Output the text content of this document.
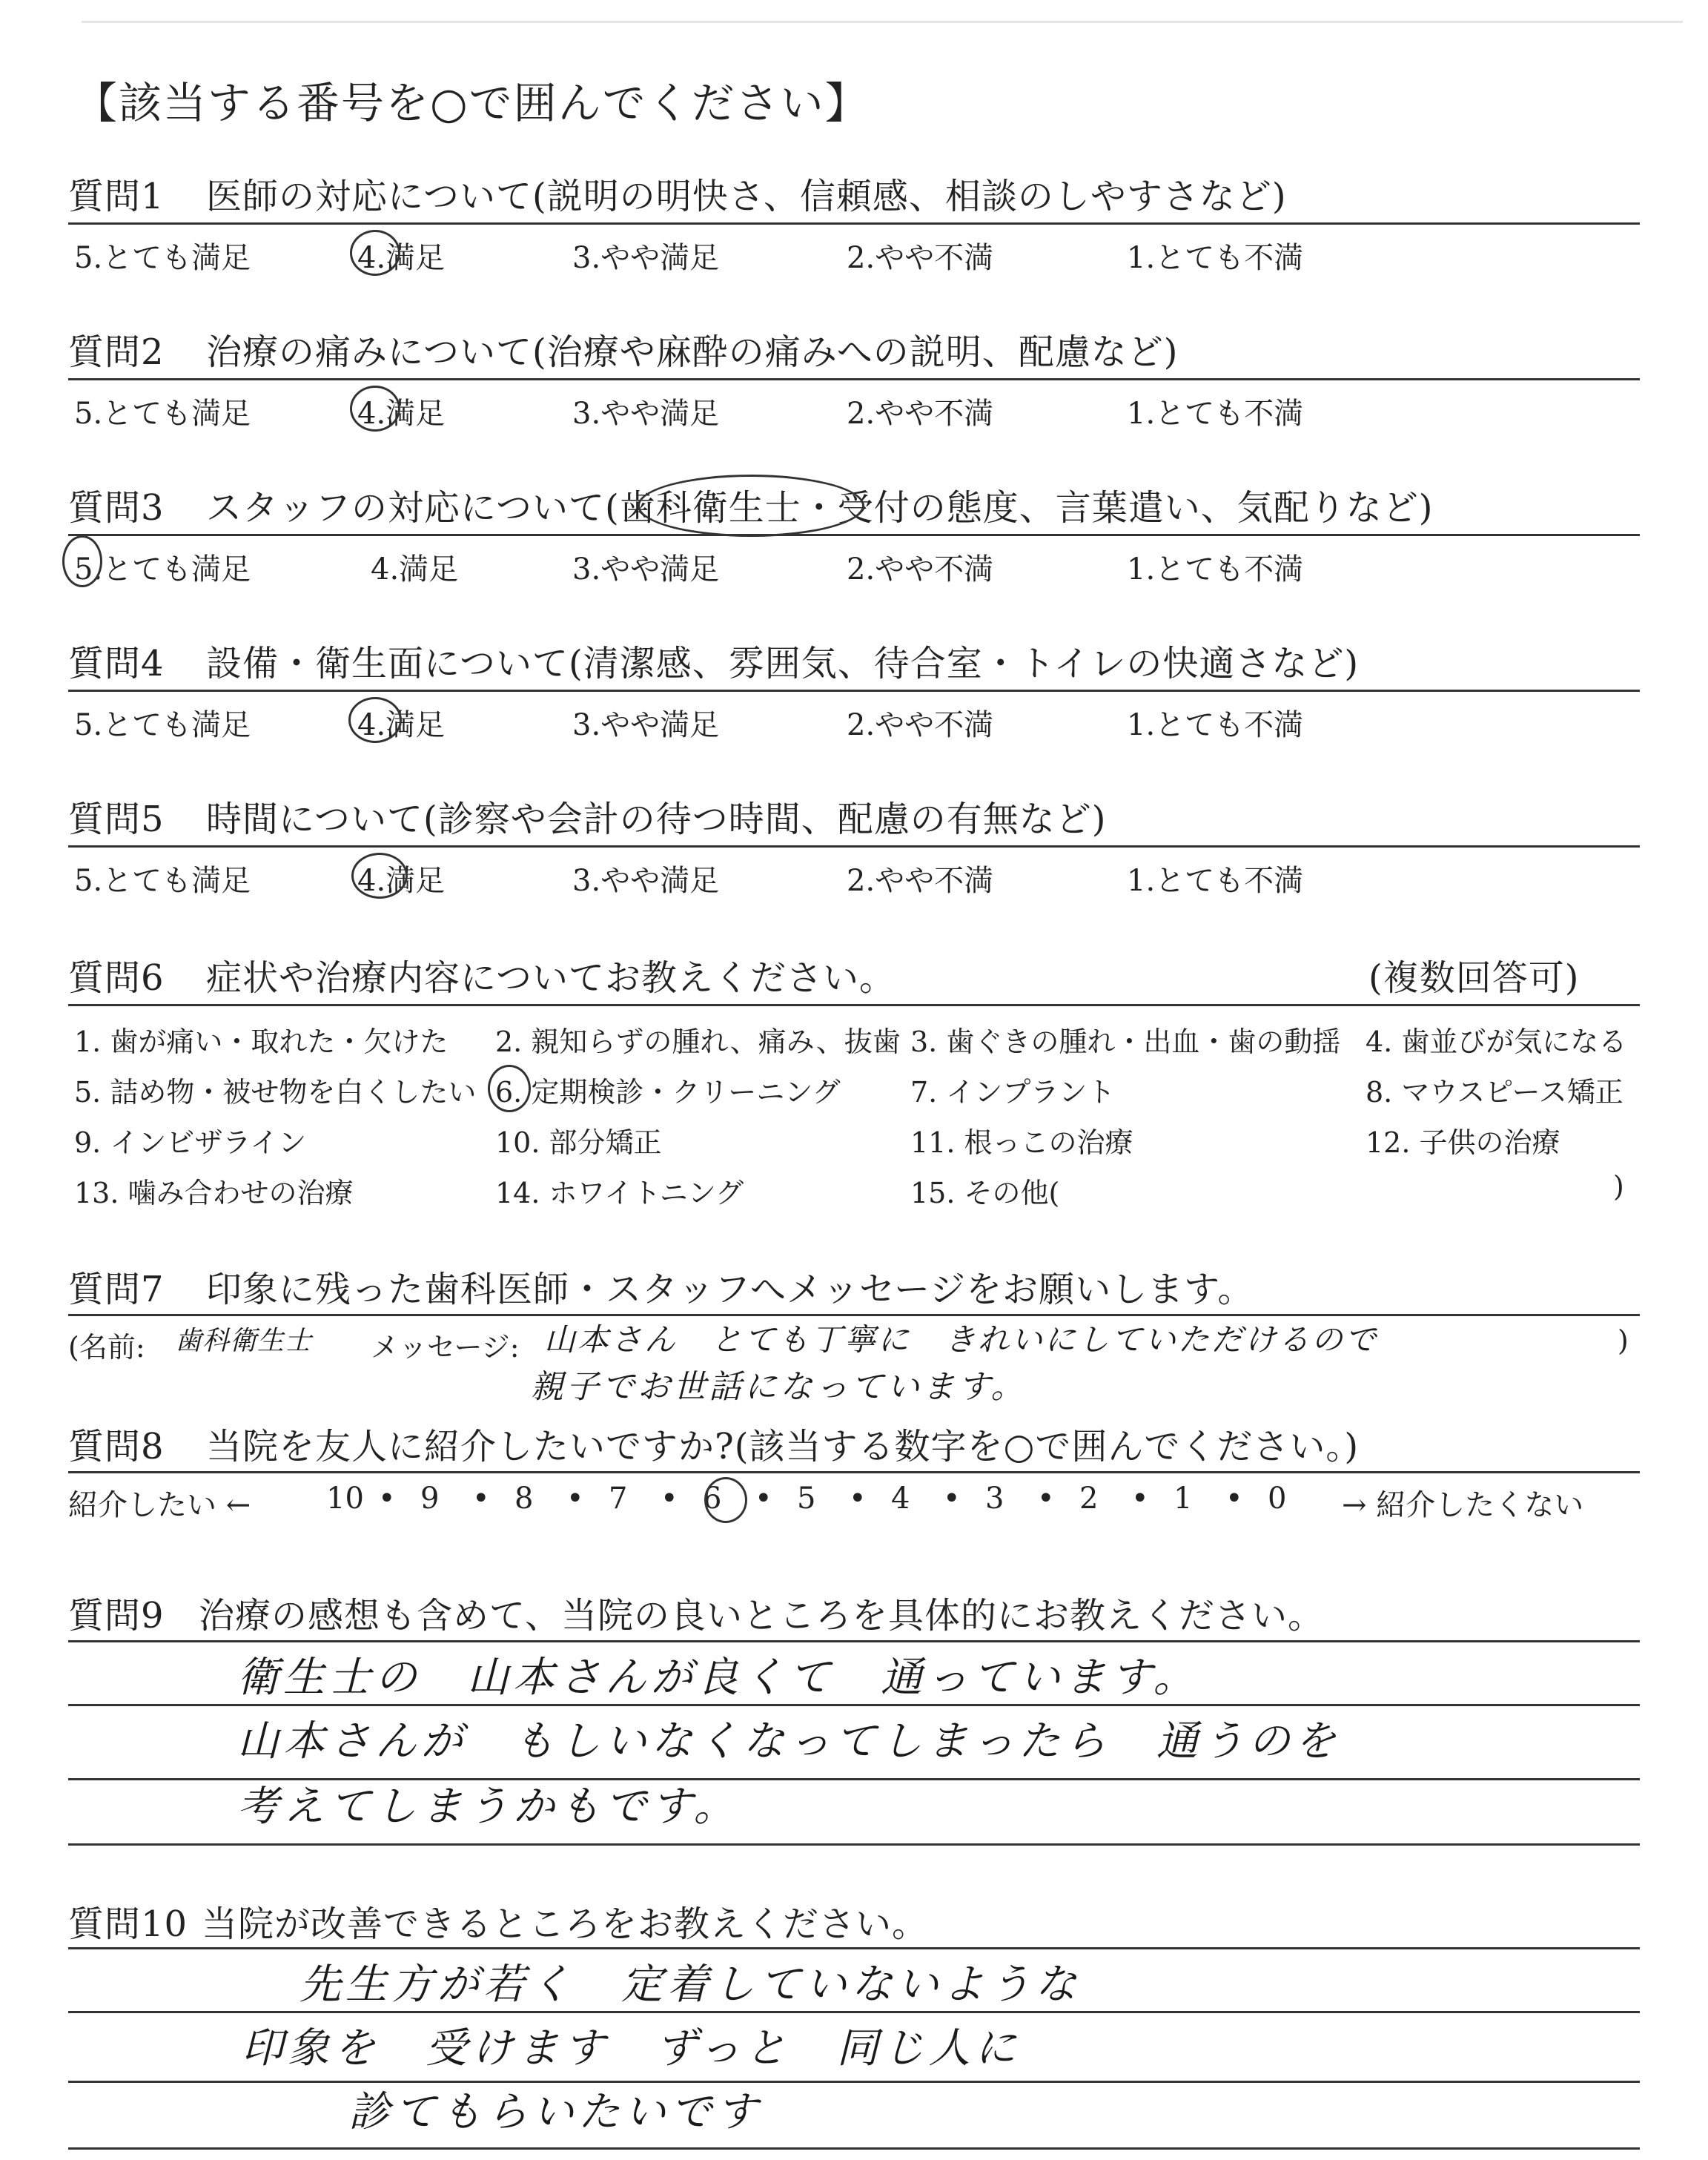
【該当する番号を○で囲んでください】
質問1 医師の対応について(説明の明快さ、信頼感、相談のしやすさなど)
5.とても満足	4.満足	3.やや満足	2.やや不満	1.とても不満
質問2 治療の痛みについて(治療や麻酔の痛みへの説明、配慮など)
5.とても満足	4.満足	3.やや満足	2.やや不満	1.とても不満
質問3 スタッフの対応について(歯科衛生士・受付の態度、言葉遣い、気配りなど)
5.とても満足	4.満足	3.やや満足	2.やや不満	1.とても不満
質問4 設備・衛生面について(清潔感、雰囲気、待合室・トイレの快適さなど)
5.とても満足	4.満足	3.やや満足	2.やや不満	1.とても不満
質問5 時間について(診察や会計の待つ時間、配慮の有無など)
5.とても満足	4.満足	3.やや満足	2.やや不満	1.とても不満
質問6 症状や治療内容についてお教えください。	(複数回答可)
1. 歯が痛い・取れた・欠けた 2. 親知らずの腫れ、痛み、抜歯 3. 歯ぐきの腫れ・出血・歯の動揺 4. 歯並びが気になる
5. 詰め物・被せ物を白くしたい 6. 定期検診・クリーニング 7. インプラント	8. マウスピース矯正
9. インビザライン	10. 部分矯正	11. 根っこの治療	12. 子供の治療
13. 噛み合わせの治療	14. ホワイトニング	15. その他(	)
質問7 印象に残った歯科医師・スタッフへメッセージをお願いします。
(名前: 歯科衛生士 メッセージ: 山本さん　とても丁寧に　きれいにしていただけるので	)
親子でお世話になっています。
質問8 当院を友人に紹介したいですか?(該当する数字を○で囲んでください。)
紹介したい ←	10 • 9 • 8 • 7 • 6 • 5 • 4 • 3 • 2 • 1 • 0 → 紹介したくない
質問9 治療の感想も含めて、当院の良いところを具体的にお教えください。
衛生士の　山本さんが良くて　通っています。
山本さんが　もしいなくなってしまったら　通うのを
考えてしまうかもです。
質問10 当院が改善できるところをお教えください。
先生方が若く　定着していないような
印象を　受けます　ずっと　同じ人に
診てもらいたいです
